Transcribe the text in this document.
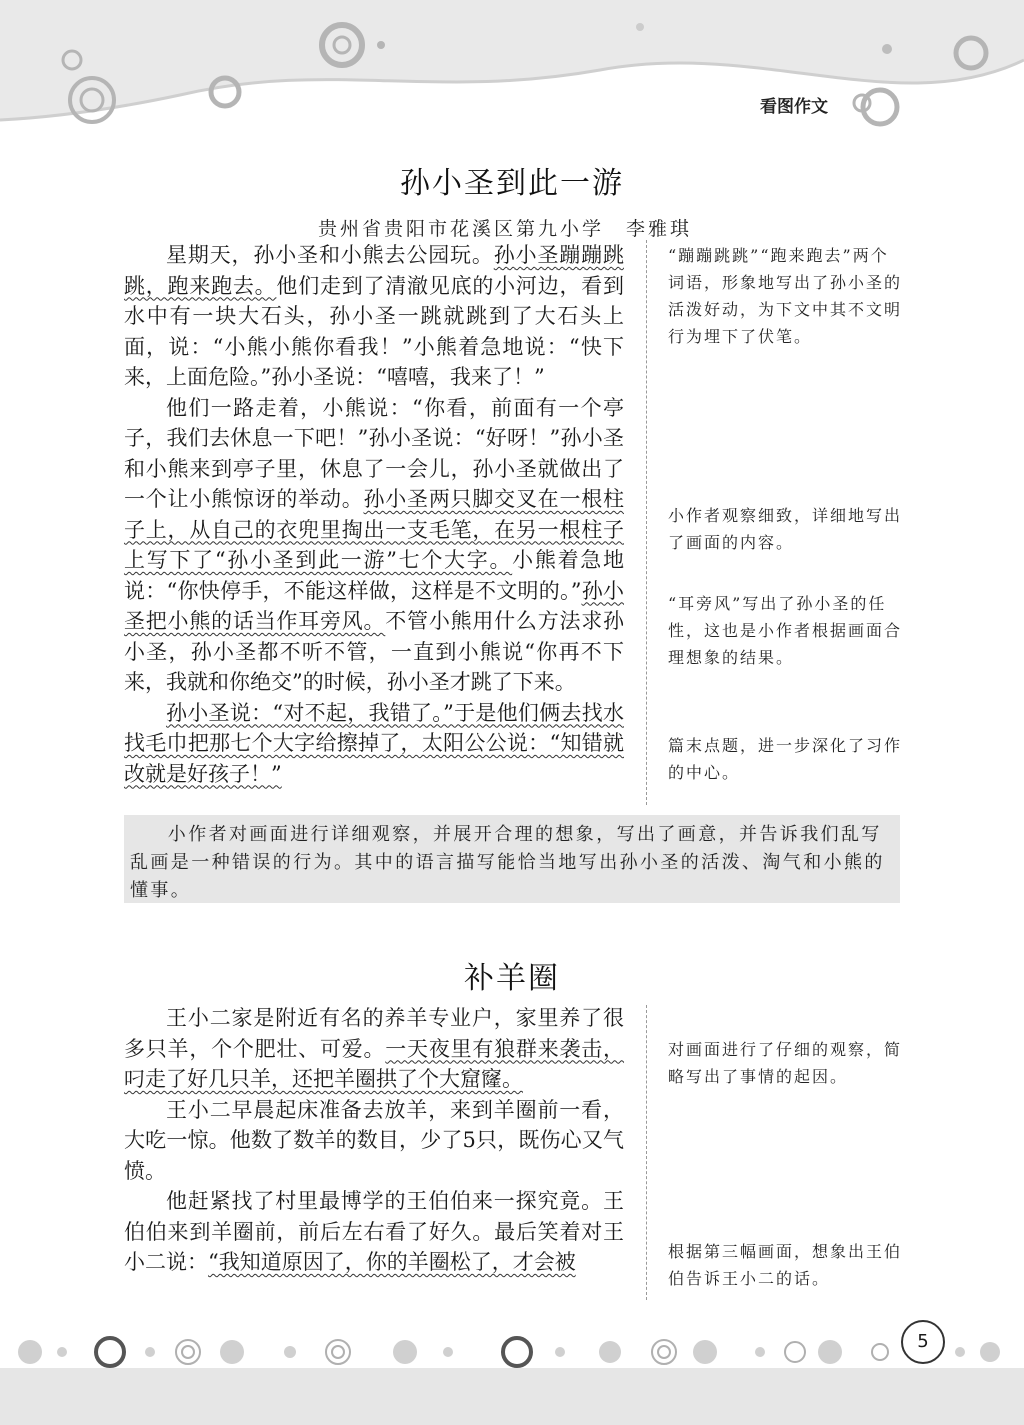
看图作文
孙小圣到此一游
贵州省贵阳市花溪区第九小学　李雅琪

星期天，孙小圣和小熊去公园玩。孙小圣蹦蹦跳跳，跑来跑去。他们走到了清澈见底的小河边，看到水中有一块大石头，孙小圣一跳就跳到了大石头上面，说：“小熊小熊你看我！”小熊着急地说：“快下来，上面危险。”孙小圣说：“嘻嘻，我来了！”

他们一路走着，小熊说：“你看，前面有一个亭子，我们去休息一下吧！”孙小圣说：“好呀！”孙小圣和小熊来到亭子里，休息了一会儿，孙小圣就做出了一个让小熊惊讶的举动。孙小圣两只脚交叉在一根柱子上，从自己的衣兜里掏出一支毛笔，在另一根柱子上写下了“孙小圣到此一游”七个大字。小熊着急地说：“你快停手，不能这样做，这样是不文明的。”孙小圣把小熊的话当作耳旁风。不管小熊用什么方法求孙小圣，孙小圣都不听不管，一直到小熊说“你再不下来，我就和你绝交”的时候，孙小圣才跳了下来。

孙小圣说：“对不起，我错了。”于是他们俩去找水找毛巾把那七个大字给擦掉了，太阳公公说：“知错就改就是好孩子！”

“蹦蹦跳跳”“跑来跑去”两个词语，形象地写出了孙小圣的活泼好动，为下文中其不文明行为埋下了伏笔。
小作者观察细致，详细地写出了画面的内容。
“耳旁风”写出了孙小圣的任性，这也是小作者根据画面合理想象的结果。
篇末点题，进一步深化了习作的中心。

小作者对画面进行详细观察，并展开合理的想象，写出了画意，并告诉我们乱写乱画是一种错误的行为。其中的语言描写能恰当地写出孙小圣的活泼、淘气和小熊的懂事。

补羊圈

王小二家是附近有名的养羊专业户，家里养了很多只羊，个个肥壮、可爱。一天夜里有狼群来袭击，叼走了好几只羊，还把羊圈拱了个大窟窿。

王小二早晨起床准备去放羊，来到羊圈前一看，大吃一惊。他数了数羊的数目，少了5只，既伤心又气愤。

他赶紧找了村里最博学的王伯伯来一探究竟。王伯伯来到羊圈前，前后左右看了好久。最后笑着对王小二说：“我知道原因了，你的羊圈松了，才会被

对画面进行了仔细的观察，简略写出了事情的起因。
根据第三幅画面，想象出王伯伯告诉王小二的话。
5
